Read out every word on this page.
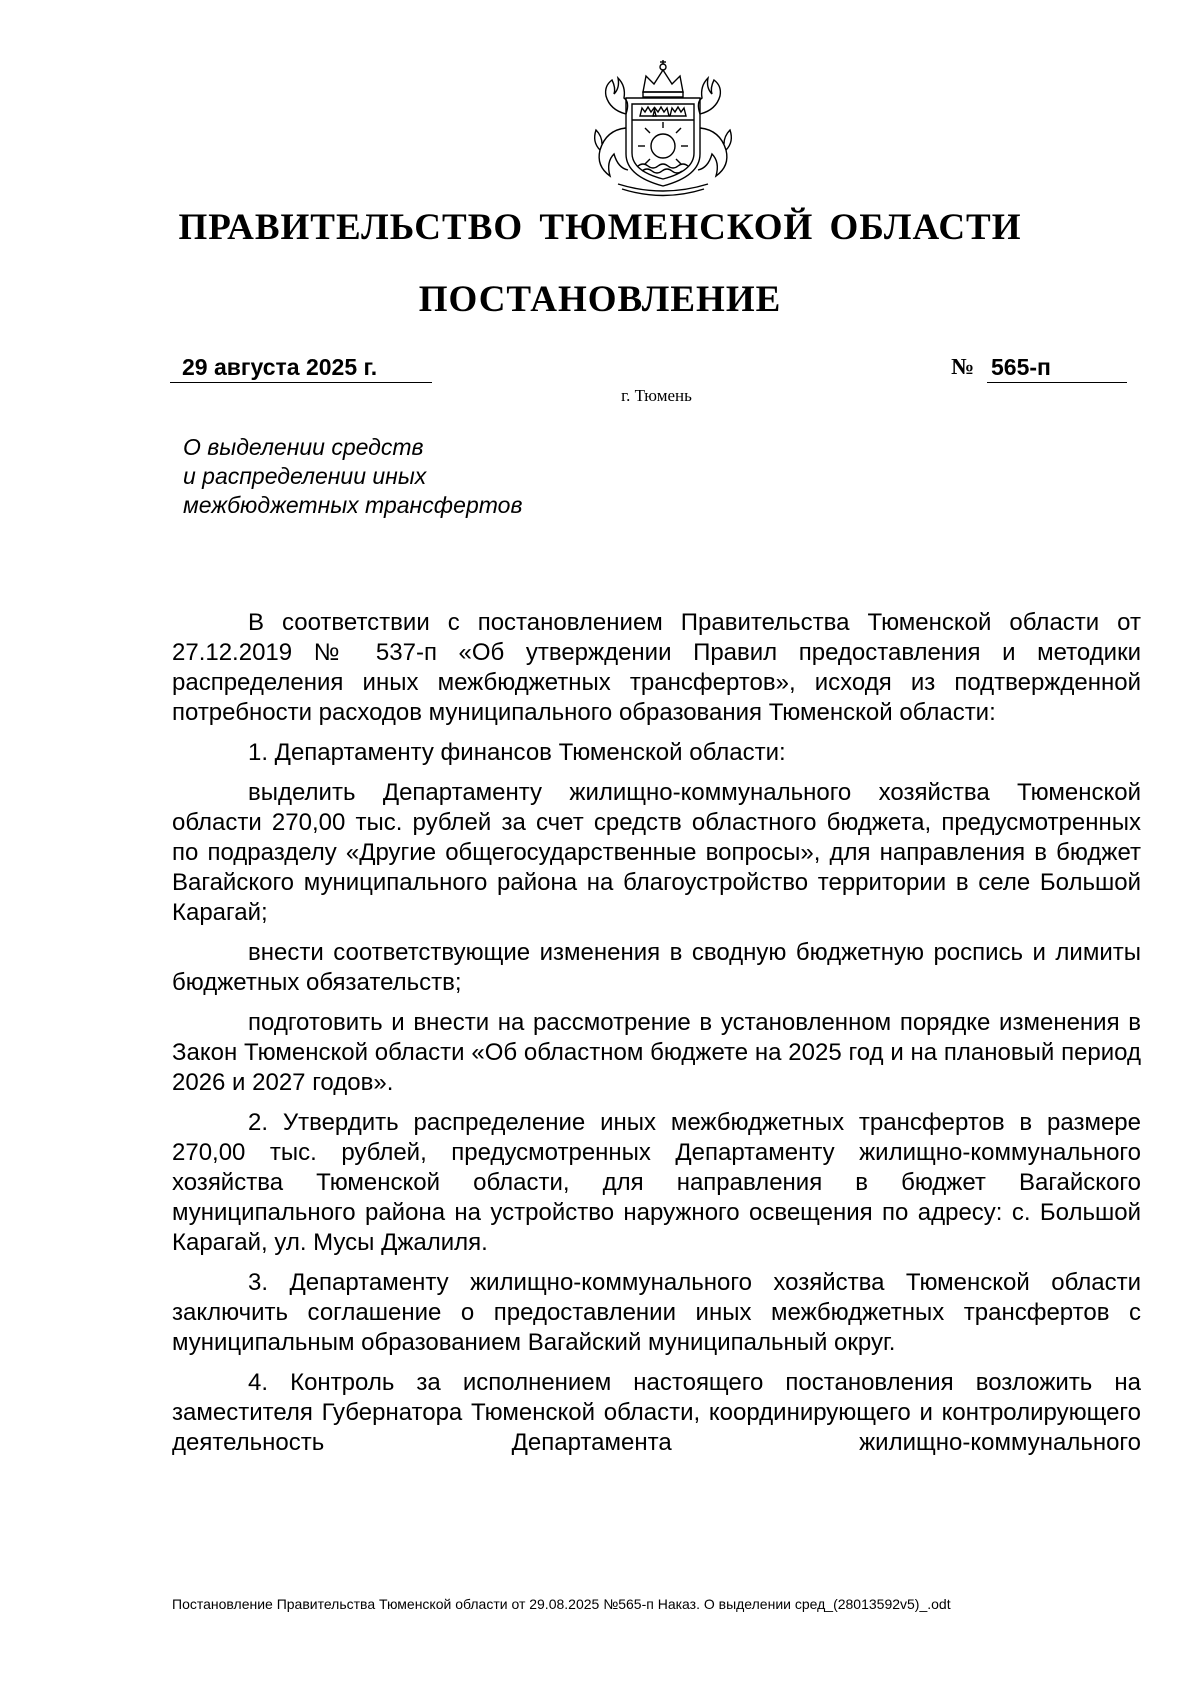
ПРАВИТЕЛЬСТВО ТЮМЕНСКОЙ ОБЛАСТИ
ПОСТАНОВЛЕНИЕ
29 августа 2025 г.	№ 565-п
г. Тюмень
О выделении средств
и распределении иных
межбюджетных трансфертов

В соответствии с постановлением Правительства Тюменской области от 27.12.2019 № 537-п «Об утверждении Правил предоставления и методики распределения иных межбюджетных трансфертов», исходя из подтвержденной потребности расходов муниципального образования Тюменской области:

1. Департаменту финансов Тюменской области:

выделить Департаменту жилищно-коммунального хозяйства Тюменской области 270,00 тыс. рублей за счет средств областного бюджета, предусмотренных по подразделу «Другие общегосударственные вопросы», для направления в бюджет Вагайского муниципального района на благоустройство территории в селе Большой Карагай;

внести соответствующие изменения в сводную бюджетную роспись и лимиты бюджетных обязательств;

подготовить и внести на рассмотрение в установленном порядке изменения в Закон Тюменской области «Об областном бюджете на 2025 год и на плановый период 2026 и 2027 годов».

2. Утвердить распределение иных межбюджетных трансфертов в размере 270,00 тыс. рублей, предусмотренных Департаменту жилищно-коммунального хозяйства Тюменской области, для направления в бюджет Вагайского муниципального района на устройство наружного освещения по адресу: с. Большой Карагай, ул. Мусы Джалиля.

3. Департаменту жилищно-коммунального хозяйства Тюменской области заключить соглашение о предоставлении иных межбюджетных трансфертов с муниципальным образованием Вагайский муниципальный округ.

4. Контроль за исполнением настоящего постановления возложить на заместителя Губернатора Тюменской области, координирующего и контролирующего деятельность Департамента жилищно-коммунального

Постановление Правительства Тюменской области от 29.08.2025 №565-п Наказ. О выделении сред_(28013592v5)_.odt
